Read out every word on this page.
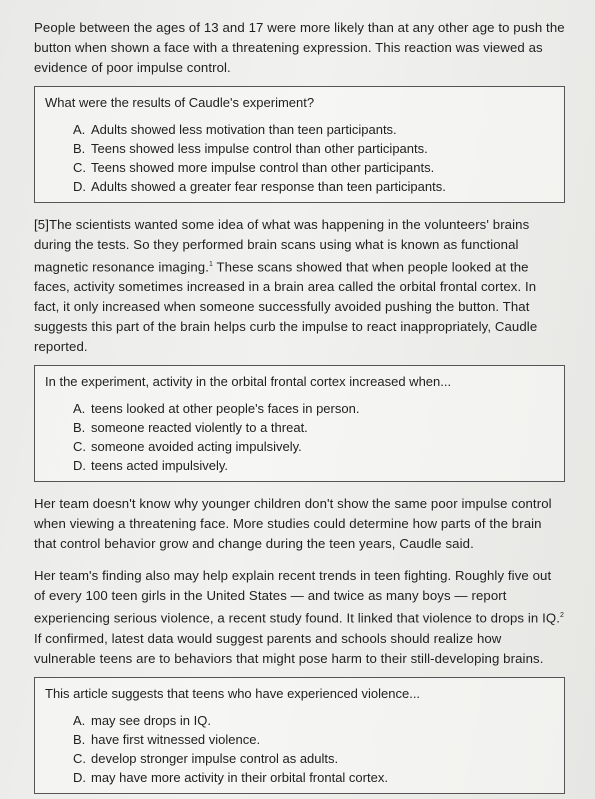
People between the ages of 13 and 17 were more likely than at any other age to push the button when shown a face with a threatening expression. This reaction was viewed as evidence of poor impulse control.

What were the results of Caudle's experiment?

A. Adults showed less motivation than teen participants.
B. Teens showed less impulse control than other participants.
C. Teens showed more impulse control than other participants.
D. Adults showed a greater fear response than teen participants.

[5]The scientists wanted some idea of what was happening in the volunteers' brains during the tests. So they performed brain scans using what is known as functional magnetic resonance imaging.$^1$ These scans showed that when people looked at the faces, activity sometimes increased in a brain area called the orbital frontal cortex. In fact, it only increased when someone successfully avoided pushing the button. That suggests this part of the brain helps curb the impulse to react inappropriately, Caudle reported.

In the experiment, activity in the orbital frontal cortex increased when...

A. teens looked at other people's faces in person.
B. someone reacted violently to a threat.
C. someone avoided acting impulsively.
D. teens acted impulsively.

Her team doesn't know why younger children don't show the same poor impulse control when viewing a threatening face. More studies could determine how parts of the brain that control behavior grow and change during the teen years, Caudle said.

Her team's finding also may help explain recent trends in teen fighting. Roughly five out of every 100 teen girls in the United States — and twice as many boys — report experiencing serious violence, a recent study found. It linked that violence to drops in IQ.$^2$ If confirmed, latest data would suggest parents and schools should realize how vulnerable teens are to behaviors that might pose harm to their still-developing brains.

This article suggests that teens who have experienced violence...

A. may see drops in IQ.
B. have first witnessed violence.
C. develop stronger impulse control as adults.
D. may have more activity in their orbital frontal cortex.
